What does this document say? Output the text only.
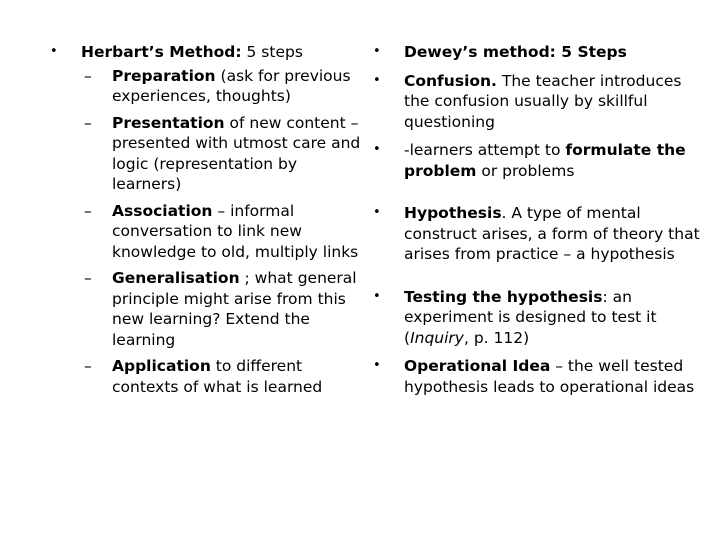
• Herbart’s Method: 5 steps
– Preparation (ask for previous experiences, thoughts)
– Presentation of new content – presented with utmost care and logic (representation by learners)
– Association – informal conversation to link new knowledge to old, multiply links
– Generalisation ; what general principle might arise from this new learning? Extend the learning
– Application to different contexts of what is learned
• Dewey’s method: 5 Steps
• Confusion. The teacher introduces the confusion usually by skillful questioning
• -learners attempt to formulate the problem or problems
• Hypothesis. A type of mental construct arises, a form of theory that arises from practice – a hypothesis
• Testing the hypothesis: an experiment is designed to test it (Inquiry, p. 112)
• Operational Idea – the well tested hypothesis leads to operational ideas
